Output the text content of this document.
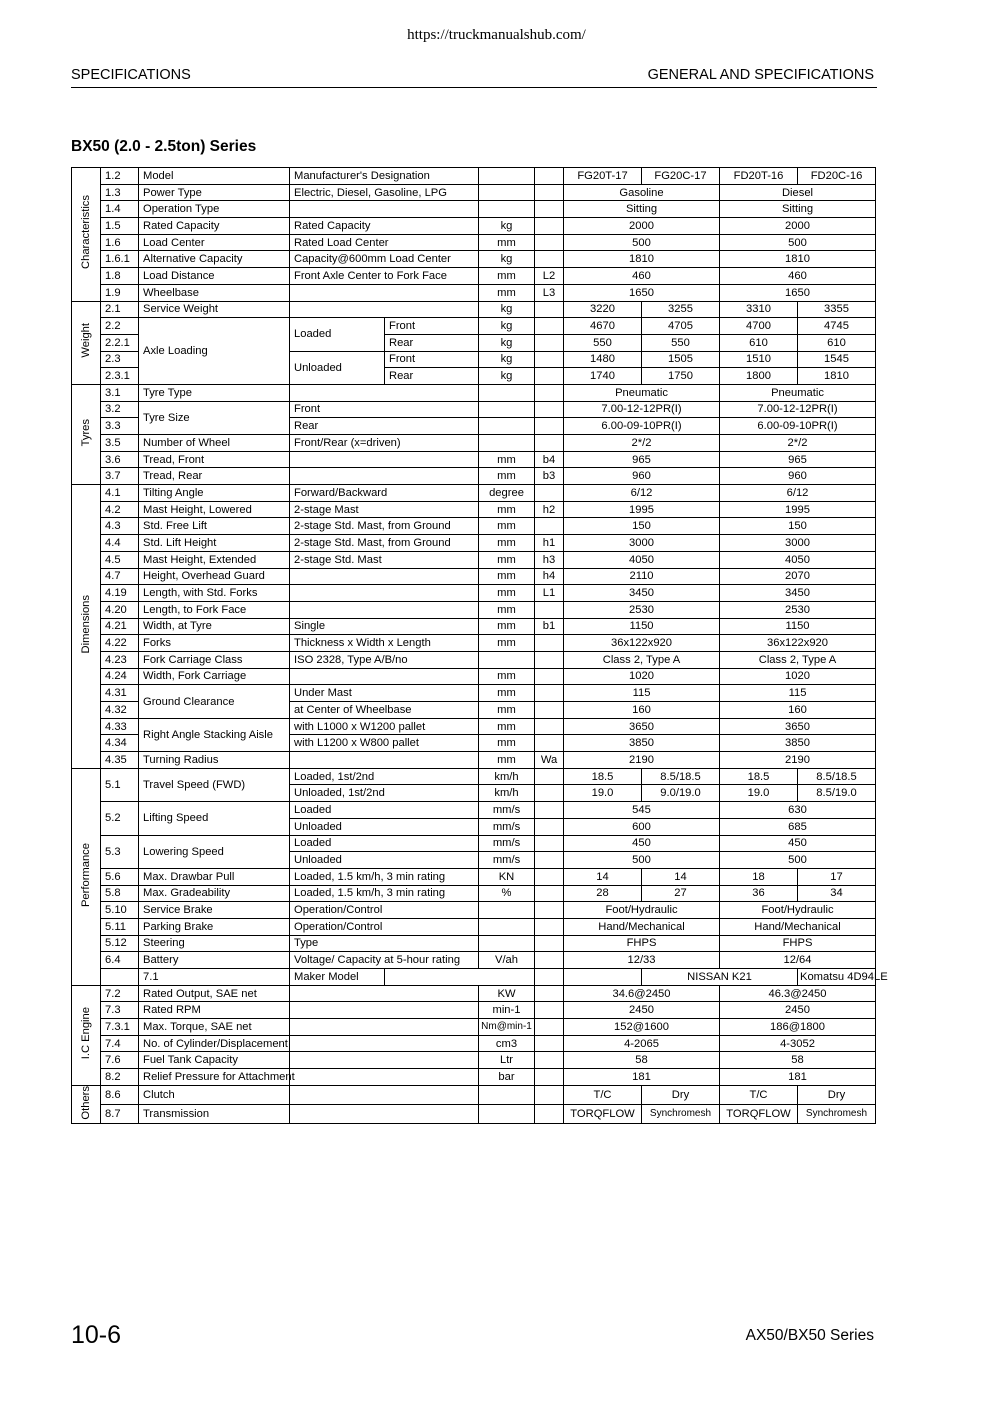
https://truckmanualshub.com/
SPECIFICATIONS	GENERAL AND SPECIFICATIONS
BX50 (2.0 - 2.5ton) Series
Characteristics	1.2	Model	Manufacturer's Designation				FG20T-17	FG20C-17	FD20T-16	FD20C-16
	1.3	Power Type	Electric, Diesel, Gasoline, LPG				Gasoline		Diesel	
	1.4	Operation Type					Sitting		Sitting	
	1.5	Rated Capacity	Rated Capacity		kg		2000		2000	
	1.6	Load Center	Rated Load Center		mm		500		500	
	1.6.1	Alternative Capacity	Capacity@600mm Load Center		kg		1810		1810	
	1.8	Load Distance	Front Axle Center to Fork Face		mm	L2	460		460	
	1.9	Wheelbase			mm	L3	1650		1650	
Weight	2.1	Service Weight			kg		3220	3255	3310	3355
	2.2	Axle Loading	Loaded	Front	kg		4670	4705	4700	4745
	2.2.1			Rear	kg		550	550	610	610
	2.3		Unloaded	Front	kg		1480	1505	1510	1545
	2.3.1			Rear	kg		1740	1750	1800	1810
Tyres	3.1	Tyre Type					Pneumatic		Pneumatic	
	3.2	Tyre Size	Front				7.00-12-12PR(I)		7.00-12-12PR(I)	
	3.3		Rear				6.00-09-10PR(I)		6.00-09-10PR(I)	
	3.5	Number of Wheel	Front/Rear (x=driven)				2*/2		2*/2	
	3.6	Tread, Front			mm	b4	965		965	
	3.7	Tread, Rear			mm	b3	960		960	
Dimensions	4.1	Tilting Angle	Forward/Backward		degree		6/12		6/12	
	4.2	Mast Height, Lowered	2-stage Mast		mm	h2	1995		1995	
	4.3	Std. Free Lift	2-stage Std. Mast, from Ground		mm		150		150	
	4.4	Std. Lift Height	2-stage Std. Mast, from Ground		mm	h1	3000		3000	
	4.5	Mast Height, Extended	2-stage Std. Mast		mm	h3	4050		4050	
	4.7	Height, Overhead Guard			mm	h4	2110		2070	
	4.19	Length, with Std. Forks			mm	L1	3450		3450	
	4.20	Length, to Fork Face			mm		2530		2530	
	4.21	Width, at Tyre	Single		mm	b1	1150		1150	
	4.22	Forks	Thickness x Width x Length		mm		36x122x920		36x122x920	
	4.23	Fork Carriage Class	ISO 2328, Type A/B/no				Class 2, Type A		Class 2, Type A	
	4.24	Width, Fork Carriage			mm		1020		1020	
	4.31	Ground Clearance	Under Mast		mm		115		115	
	4.32		at Center of Wheelbase		mm		160		160	
	4.33	Right Angle Stacking Aisle	with L1000 x W1200 pallet		mm		3650		3650	
	4.34		with L1200 x W800 pallet		mm		3850		3850	
	4.35	Turning Radius			mm	Wa	2190		2190	
Performance	5.1	Travel Speed (FWD)	Loaded, 1st/2nd		km/h		18.5	8.5/18.5	18.5	8.5/18.5
			Unloaded, 1st/2nd		km/h		19.0	9.0/19.0	19.0	8.5/19.0
	5.2	Lifting Speed	Loaded		mm/s		545		630	
			Unloaded		mm/s		600		685	
	5.3	Lowering Speed	Loaded		mm/s		450		450	
			Unloaded		mm/s		500		500	
	5.6	Max. Drawbar Pull	Loaded, 1.5 km/h, 3 min rating		KN		14	14	18	17
	5.8	Max. Gradeability	Loaded, 1.5 km/h, 3 min rating		%		28	27	36	34
	5.10	Service Brake	Operation/Control				Foot/Hydraulic		Foot/Hydraulic	
	5.11	Parking Brake	Operation/Control				Hand/Mechanical		Hand/Mechanical	
	5.12	Steering	Type				FHPS		FHPS	
	6.4	Battery	Voltage/ Capacity at 5-hour rating		V/ah		12/33		12/64	
		7.1	Maker Model					NISSAN K21		Komatsu 4D94LE
I.C Engine	7.2	Rated Output, SAE net			KW		34.6@2450		46.3@2450	
	7.3	Rated RPM			min-1		2450		2450	
	7.3.1	Max. Torque, SAE net			Nm@min-1		152@1600		186@1800	
	7.4	No. of Cylinder/Displacement			cm3		4-2065		4-3052	
	7.6	Fuel Tank Capacity			Ltr		58		58	
	8.2	Relief Pressure for Attachment			bar		181		181	
Others	8.6	Clutch					T/C	Dry	T/C	Dry
	8.7	Transmission					TORQFLOW	Synchromesh	TORQFLOW	Synchromesh
10-6	AX50/BX50 Series
